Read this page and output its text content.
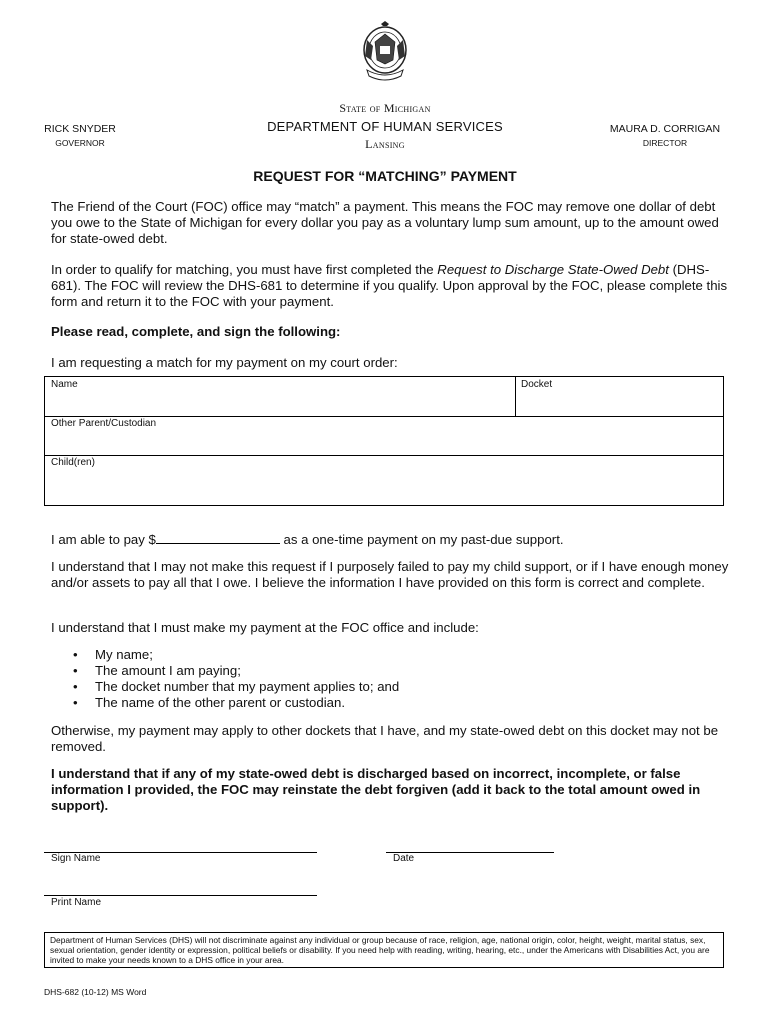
State of Michigan
DEPARTMENT OF HUMAN SERVICES
Lansing
RICK SNYDER
GOVERNOR
MAURA D. CORRIGAN
DIRECTOR
REQUEST FOR “MATCHING” PAYMENT
The Friend of the Court (FOC) office may “match” a payment. This means the FOC may remove one dollar of debt you owe to the State of Michigan for every dollar you pay as a voluntary lump sum amount, up to the amount owed for state-owed debt.
In order to qualify for matching, you must have first completed the Request to Discharge State-Owed Debt (DHS-681). The FOC will review the DHS-681 to determine if you qualify. Upon approval by the FOC, please complete this form and return it to the FOC with your payment.
Please read, complete, and sign the following:
I am requesting a match for my payment on my court order:
Name	Docket
Other Parent/Custodian
Child(ren)
I am able to pay $	as a one-time payment on my past-due support.
I understand that I may not make this request if I purposely failed to pay my child support, or if I have enough money and/or assets to pay all that I owe. I believe the information I have provided on this form is correct and complete.
I understand that I must make my payment at the FOC office and include:
• My name;
• The amount I am paying;
• The docket number that my payment applies to; and
• The name of the other parent or custodian.
Otherwise, my payment may apply to other dockets that I have, and my state-owed debt on this docket may not be removed.
I understand that if any of my state-owed debt is discharged based on incorrect, incomplete, or false information I provided, the FOC may reinstate the debt forgiven (add it back to the total amount owed in support).
Sign Name	Date
Print Name
Department of Human Services (DHS) will not discriminate against any individual or group because of race, religion, age, national origin, color, height, weight, marital status, sex, sexual orientation, gender identity or expression, political beliefs or disability. If you need help with reading, writing, hearing, etc., under the Americans with Disabilities Act, you are invited to make your needs known to a DHS office in your area.
DHS-682 (10-12) MS Word
